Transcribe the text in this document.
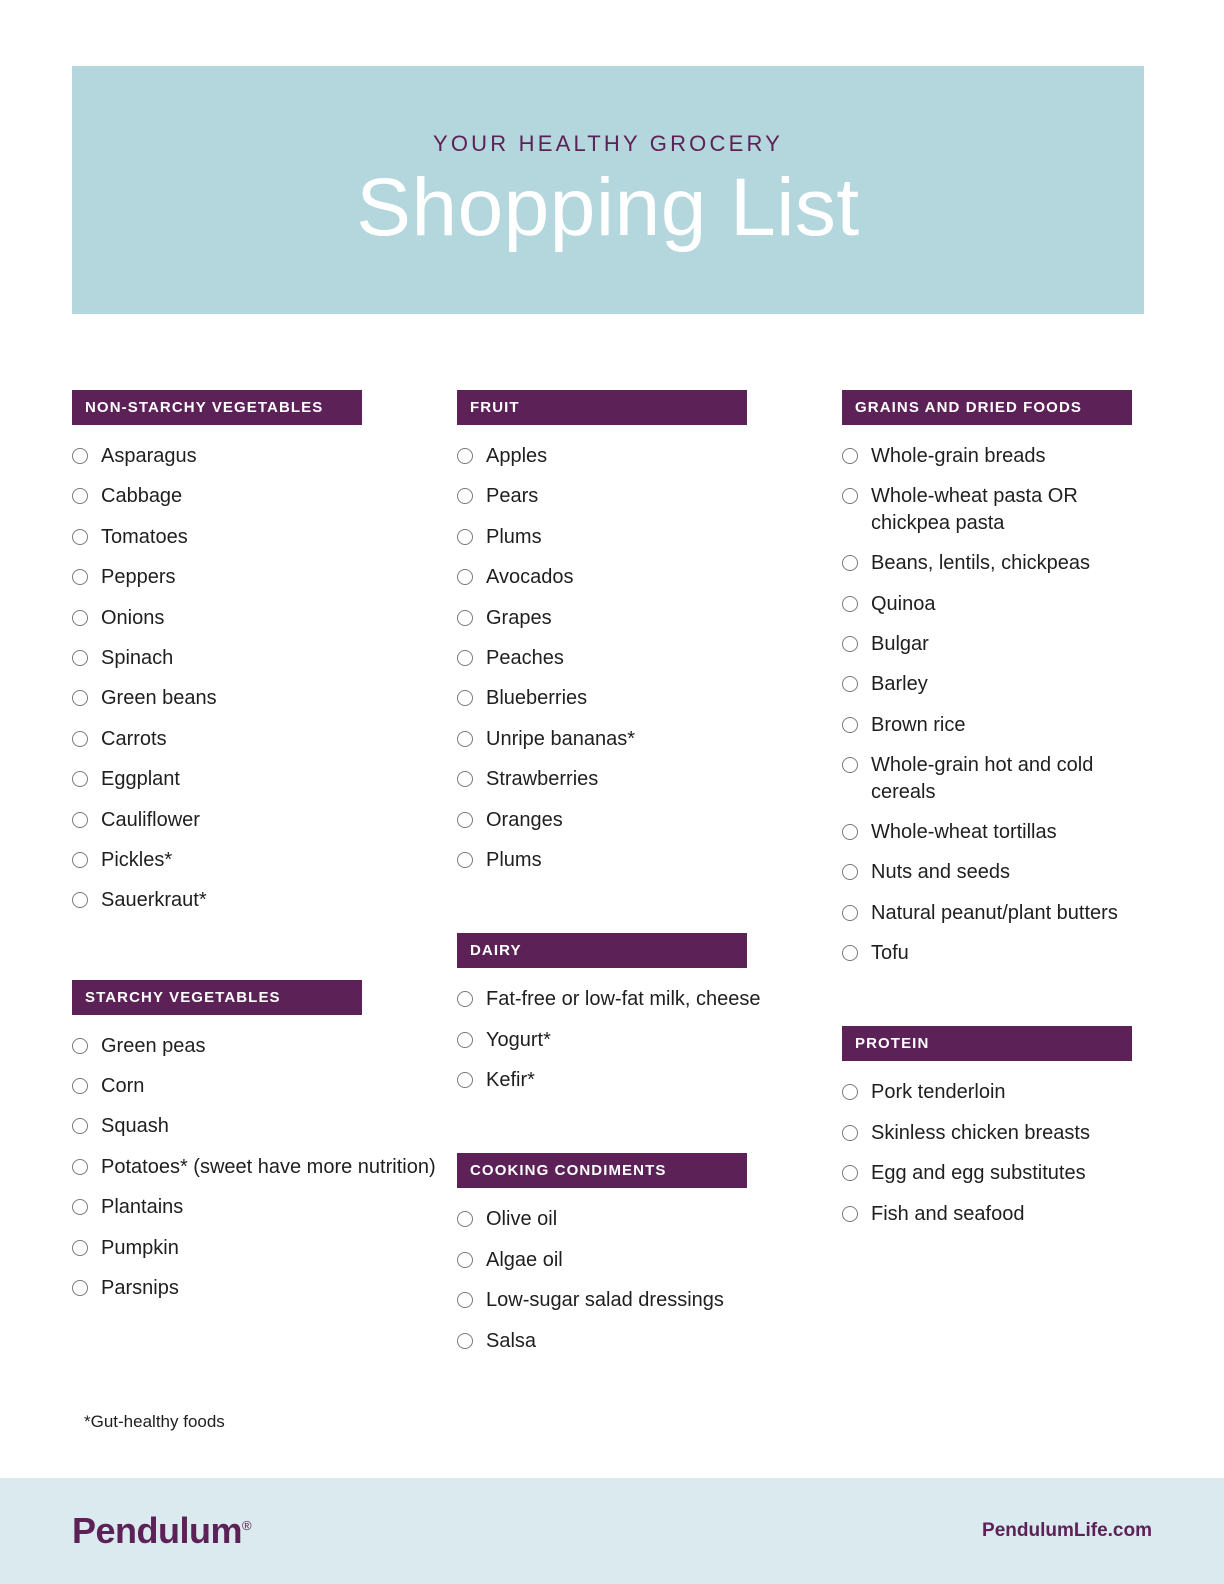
YOUR HEALTHY GROCERY
Shopping List
NON-STARCHY VEGETABLES
Asparagus
Cabbage
Tomatoes
Peppers
Onions
Spinach
Green beans
Carrots
Eggplant
Cauliflower
Pickles*
Sauerkraut*
STARCHY VEGETABLES
Green peas
Corn
Squash
Potatoes* (sweet have more nutrition)
Plantains
Pumpkin
Parsnips
FRUIT
Apples
Pears
Plums
Avocados
Grapes
Peaches
Blueberries
Unripe bananas*
Strawberries
Oranges
Plums
DAIRY
Fat-free or low-fat milk, cheese
Yogurt*
Kefir*
COOKING CONDIMENTS
Olive oil
Algae oil
Low-sugar salad dressings
Salsa
GRAINS AND DRIED FOODS
Whole-grain breads
Whole-wheat pasta OR chickpea pasta
Beans, lentils, chickpeas
Quinoa
Bulgar
Barley
Brown rice
Whole-grain hot and cold cereals
Whole-wheat tortillas
Nuts and seeds
Natural peanut/plant butters
Tofu
PROTEIN
Pork tenderloin
Skinless chicken breasts
Egg and egg substitutes
Fish and seafood
*Gut-healthy foods
Pendulum®	PendulumLife.com
